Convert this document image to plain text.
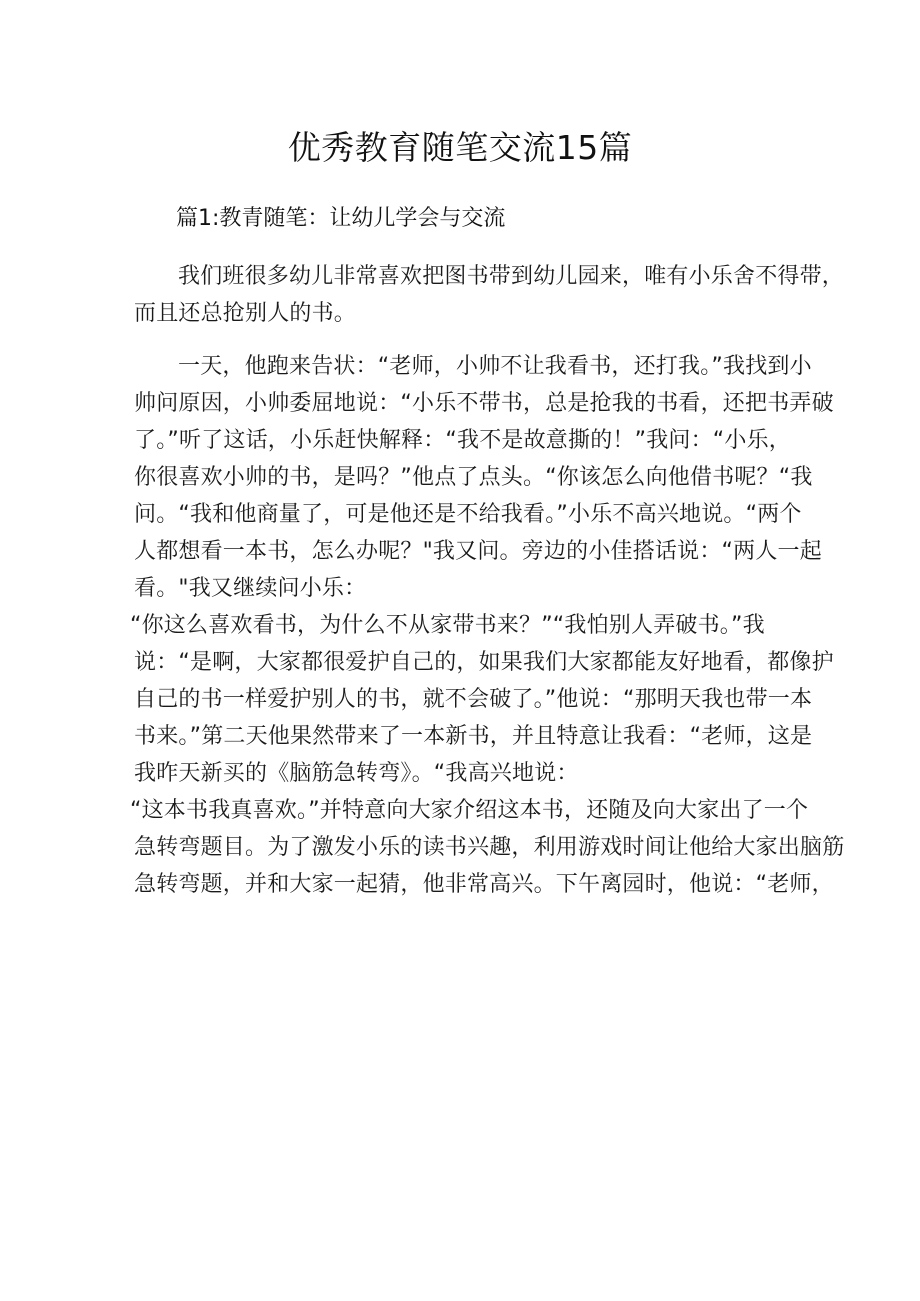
优秀教育随笔交流15篇
篇1:教青随笔：让幼儿学会与交流
我们班很多幼儿非常喜欢把图书带到幼儿园来，唯有小乐舍不得带，
而且还总抢别人的书。
一天，他跑来告状：“老师，小帅不让我看书，还打我。”我找到小
帅问原因，小帅委屈地说：“小乐不带书，总是抢我的书看，还把书弄破
了。”听了这话，小乐赶快解释：“我不是故意撕的！”我问：“小乐，
你很喜欢小帅的书，是吗？”他点了点头。“你该怎么向他借书呢？“我
问。“我和他商量了，可是他还是不给我看。”小乐不高兴地说。“两个
人都想看一本书，怎么办呢？"我又问。旁边的小佳搭话说：“两人一起
看。"我又继续问小乐：
“你这么喜欢看书，为什么不从家带书来？”“我怕别人弄破书。”我
说：“是啊，大家都很爱护自己的，如果我们大家都能友好地看，都像护
自己的书一样爱护别人的书，就不会破了。”他说：“那明天我也带一本
书来。”第二天他果然带来了一本新书，并且特意让我看：“老师，这是
我昨天新买的《脑筋急转弯》。“我高兴地说：
“这本书我真喜欢。”并特意向大家介绍这本书，还随及向大家出了一个
急转弯题目。为了激发小乐的读书兴趣，利用游戏时间让他给大家出脑筋
急转弯题，并和大家一起猜，他非常高兴。下午离园时，他说：“老师，
